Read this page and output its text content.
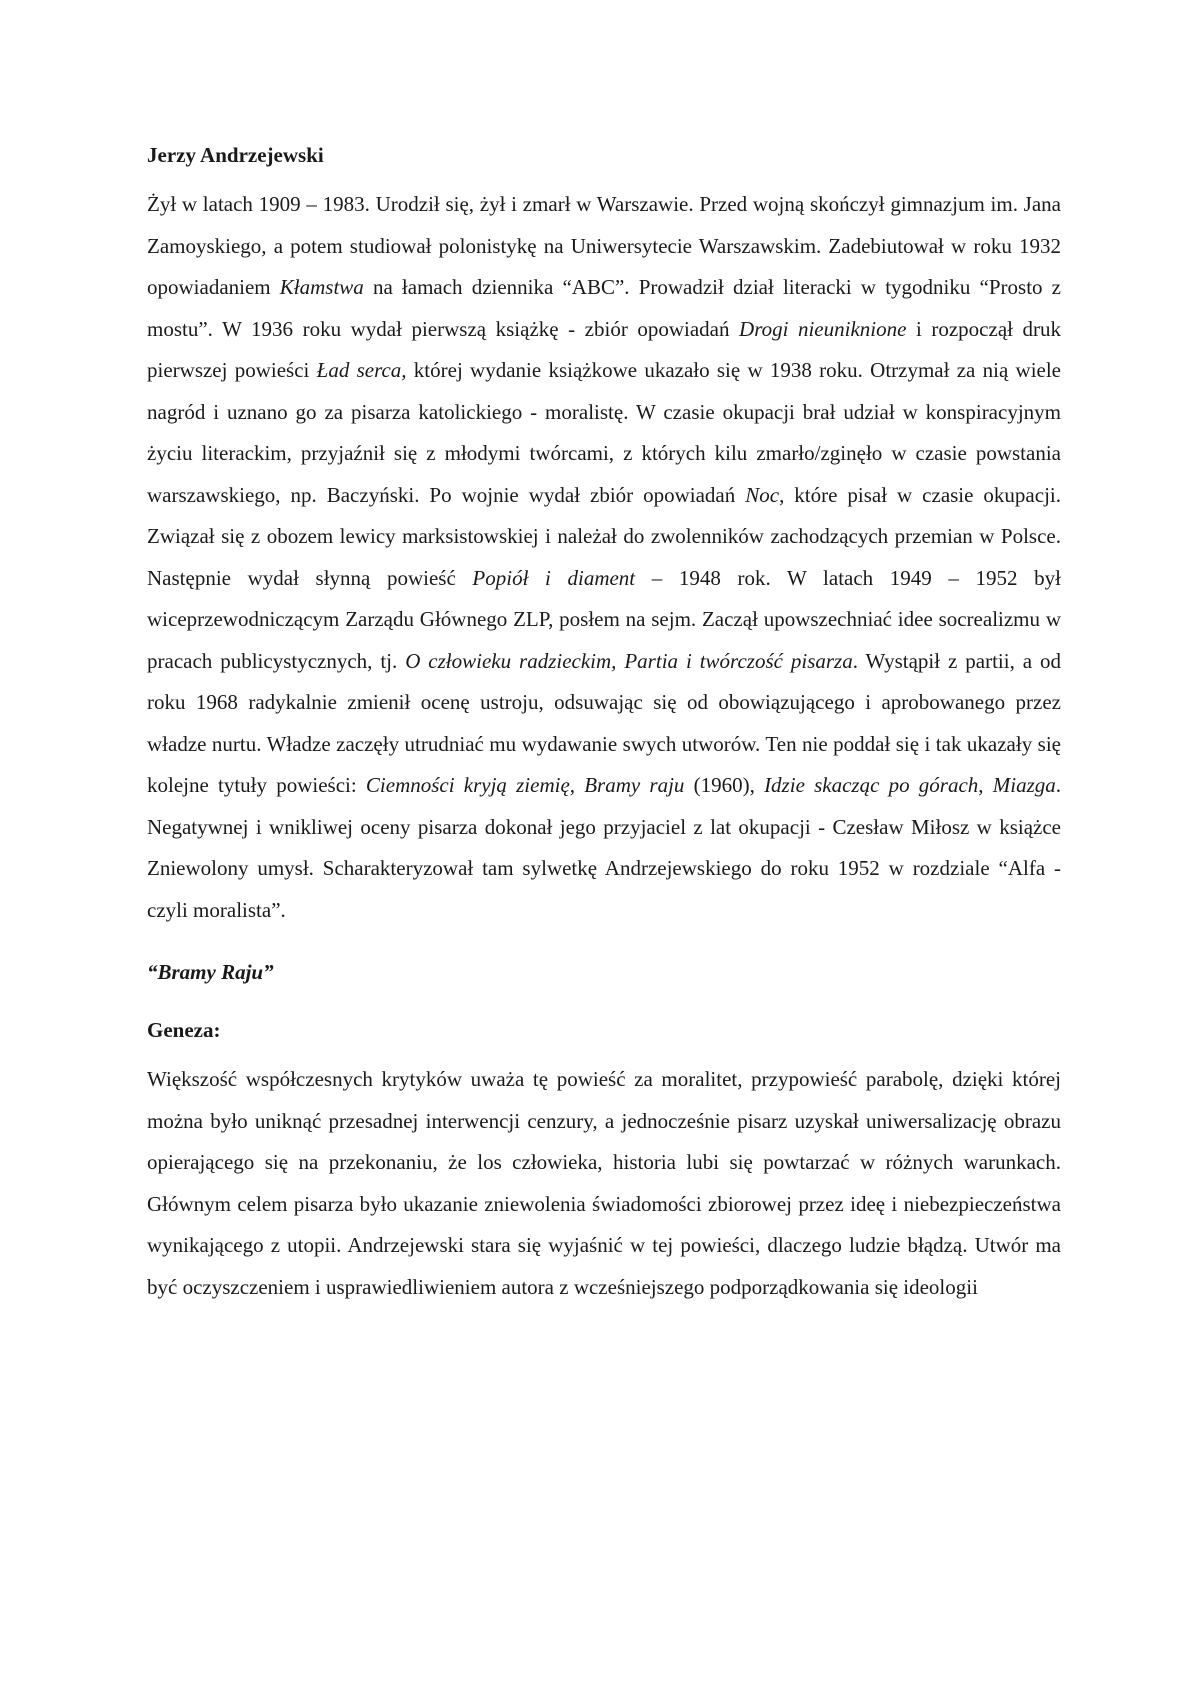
Jerzy Andrzejewski

Żył w latach 1909 – 1983. Urodził się, żył i zmarł w Warszawie. Przed wojną skończył gimnazjum im. Jana Zamoyskiego, a potem studiował polonistykę na Uniwersytecie Warszawskim. Zadebiutował w roku 1932 opowiadaniem Kłamstwa na łamach dziennika “ABC”. Prowadził dział literacki w tygodniku “Prosto z mostu”. W 1936 roku wydał pierwszą książkę - zbiór opowiadań Drogi nieuniknione i rozpoczął druk pierwszej powieści Ład serca, której wydanie książkowe ukazało się w 1938 roku. Otrzymał za nią wiele nagród i uznano go za pisarza katolickiego - moralistę. W czasie okupacji brał udział w konspiracyjnym życiu literackim, przyjaźnił się z młodymi twórcami, z których kilu zmarło/zginęło w czasie powstania warszawskiego, np. Baczyński. Po wojnie wydał zbiór opowiadań Noc, które pisał w czasie okupacji. Związał się z obozem lewicy marksistowskiej i należał do zwolenników zachodzących przemian w Polsce. Następnie wydał słynną powieść Popiół i diament – 1948 rok. W latach 1949 – 1952 był wiceprzewodniczącym Zarządu Głównego ZLP, posłem na sejm. Zaczął upowszechniać idee socrealizmu w pracach publicystycznych, tj. O człowieku radzieckim, Partia i twórczość pisarza. Wystąpił z partii, a od roku 1968 radykalnie zmienił ocenę ustroju, odsuwając się od obowiązującego i aprobowanego przez władze nurtu. Władze zaczęły utrudniać mu wydawanie swych utworów. Ten nie poddał się i tak ukazały się kolejne tytuły powieści: Ciemności kryją ziemię, Bramy raju (1960), Idzie skacząc po górach, Miazga. Negatywnej i wnikliwej oceny pisarza dokonał jego przyjaciel z lat okupacji - Czesław Miłosz w książce Zniewolony umysł. Scharakteryzował tam sylwetkę Andrzejewskiego do roku 1952 w rozdziale “Alfa - czyli moralista”.

“Bramy Raju”
Geneza:

Większość współczesnych krytyków uważa tę powieść za moralitet, przypowieść parabolę, dzięki której można było uniknąć przesadnej interwencji cenzury, a jednocześnie pisarz uzyskał uniwersalizację obrazu opierającego się na przekonaniu, że los człowieka, historia lubi się powtarzać w różnych warunkach. Głównym celem pisarza było ukazanie zniewolenia świadomości zbiorowej przez ideę i niebezpieczeństwa wynikającego z utopii. Andrzejewski stara się wyjaśnić w tej powieści, dlaczego ludzie błądzą. Utwór ma być oczyszczeniem i usprawiedliwieniem autora z wcześniejszego podporządkowania się ideologii
